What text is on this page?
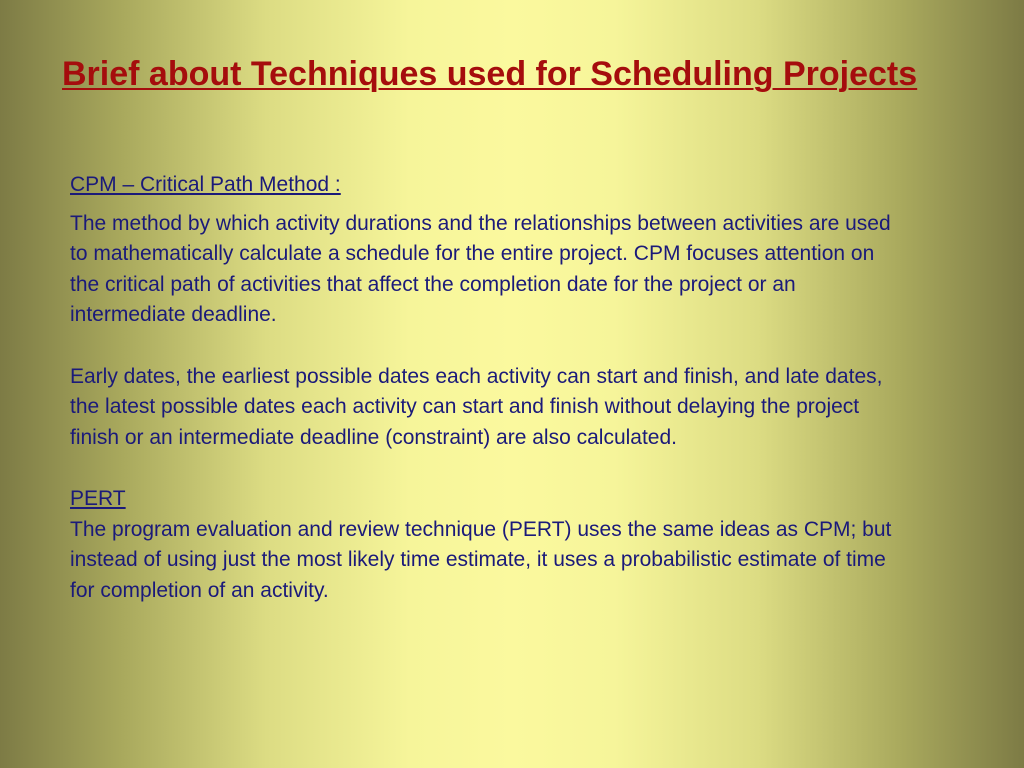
Brief about Techniques used for Scheduling Projects
CPM – Critical Path Method :

The method by which activity durations and the relationships between activities are used to mathematically calculate a schedule for the entire project. CPM focuses attention on the critical path of activities that affect the completion date for the project or an intermediate deadline.

Early dates, the earliest possible dates each activity can start and finish, and late dates, the latest possible dates each activity can start and finish without delaying the project finish or an intermediate deadline (constraint) are also calculated.

PERT

The program evaluation and review technique (PERT) uses the same ideas as CPM; but instead of using just the most likely time estimate, it uses a probabilistic estimate of time for completion of an activity.
